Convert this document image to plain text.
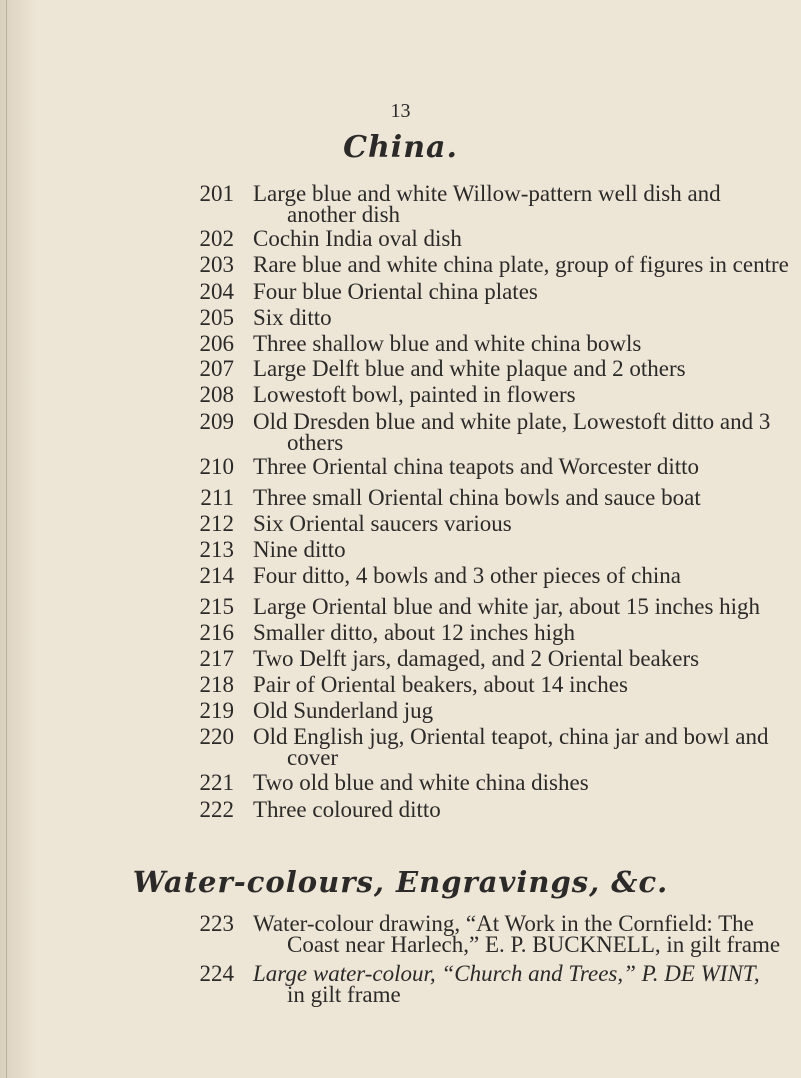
13
China.
201 Large blue and white Willow-pattern well dish and
another dish
202 Cochin India oval dish
203 Rare blue and white china plate, group of figures in centre
204 Four blue Oriental china plates
205 Six ditto
206 Three shallow blue and white china bowls
207 Large Delft blue and white plaque and 2 others
208 Lowestoft bowl, painted in flowers
209 Old Dresden blue and white plate, Lowestoft ditto and 3
others
210 Three Oriental china teapots and Worcester ditto
211 Three small Oriental china bowls and sauce boat
212 Six Oriental saucers various
213 Nine ditto
214 Four ditto, 4 bowls and 3 other pieces of china
215 Large Oriental blue and white jar, about 15 inches high
216 Smaller ditto, about 12 inches high
217 Two Delft jars, damaged, and 2 Oriental beakers
218 Pair of Oriental beakers, about 14 inches
219 Old Sunderland jug
220 Old English jug, Oriental teapot, china jar and bowl and
cover
221 Two old blue and white china dishes
222 Three coloured ditto
Water-colours, Engravings, &c.
223 Water-colour drawing, “At Work in the Cornfield: The
Coast near Harlech,” E. P. BUCKNELL, in gilt frame
224 Large water-colour, “Church and Trees,” P. DE WINT,
in gilt frame
